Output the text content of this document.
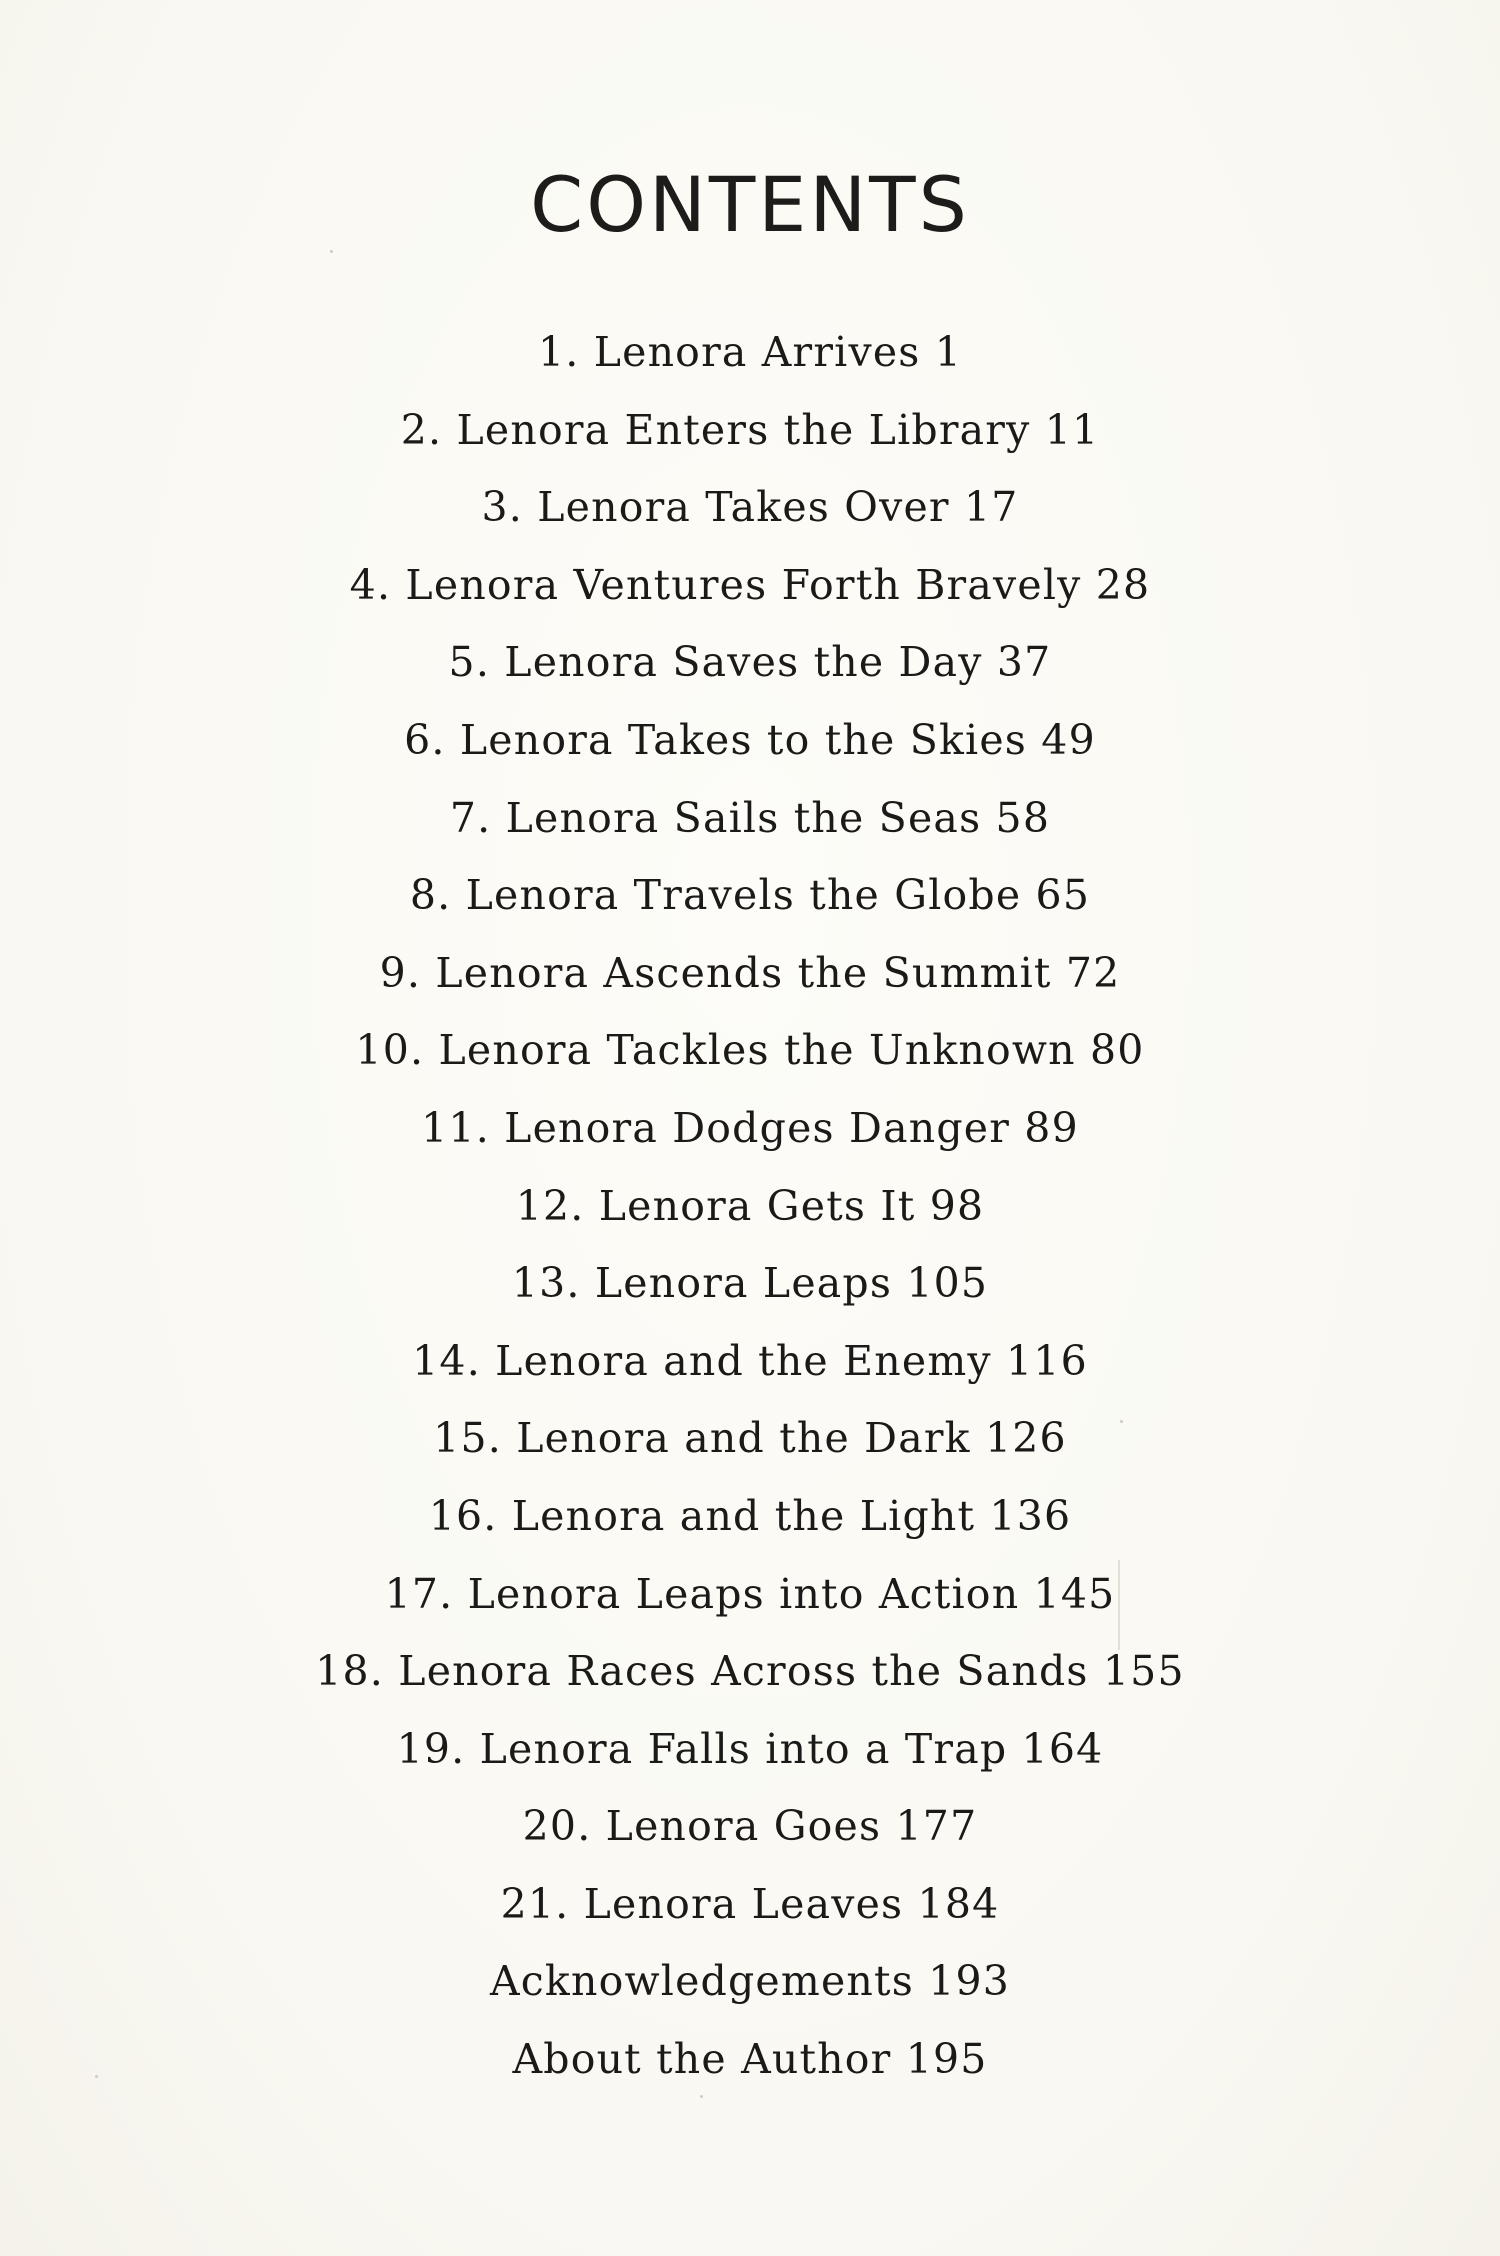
CONTENTS
1. Lenora Arrives 1
2. Lenora Enters the Library 11
3. Lenora Takes Over 17
4. Lenora Ventures Forth Bravely 28
5. Lenora Saves the Day 37
6. Lenora Takes to the Skies 49
7. Lenora Sails the Seas 58
8. Lenora Travels the Globe 65
9. Lenora Ascends the Summit 72
10. Lenora Tackles the Unknown 80
11. Lenora Dodges Danger 89
12. Lenora Gets It 98
13. Lenora Leaps 105
14. Lenora and the Enemy 116
15. Lenora and the Dark 126
16. Lenora and the Light 136
17. Lenora Leaps into Action 145
18. Lenora Races Across the Sands 155
19. Lenora Falls into a Trap 164
20. Lenora Goes 177
21. Lenora Leaves 184
Acknowledgements 193
About the Author 195
